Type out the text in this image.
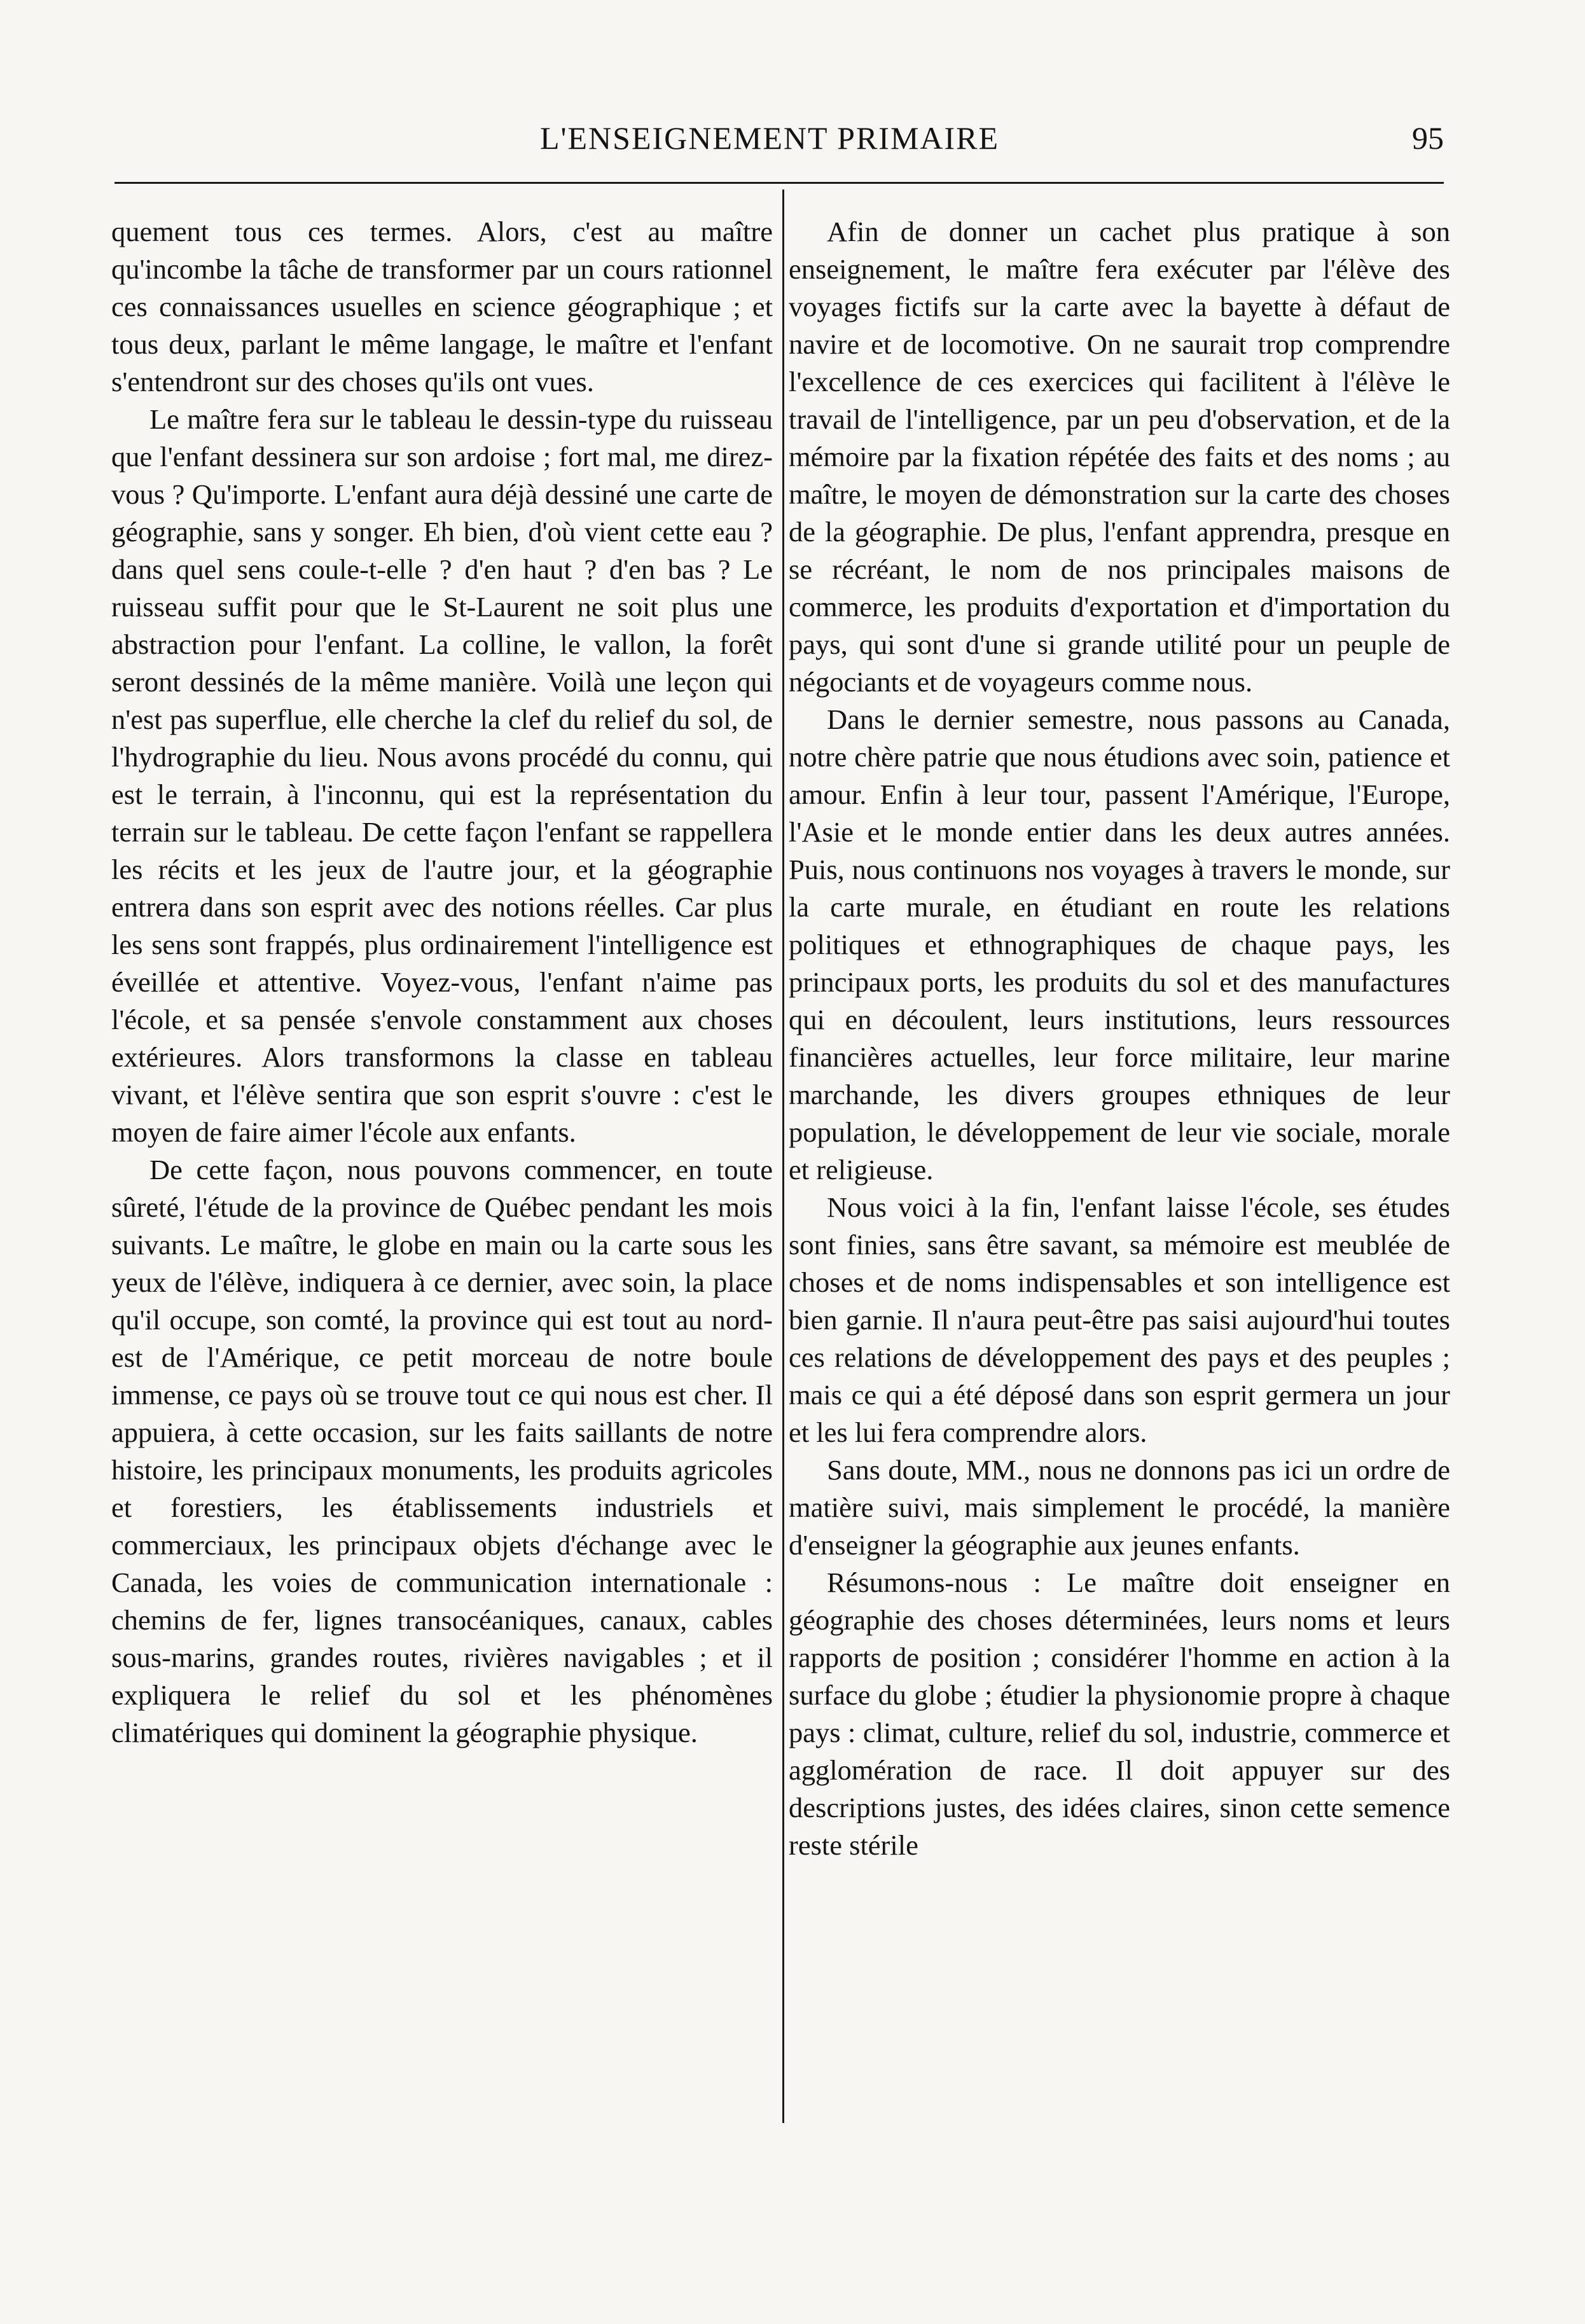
L'ENSEIGNEMENT PRIMAIRE	95

quement tous ces termes. Alors, c'est au maître qu'incombe la tâche de transformer par un cours rationnel ces connaissances usuelles en science géographique ; et tous deux, parlant le même langage, le maître et l'enfant s'entendront sur des choses qu'ils ont vues.

Le maître fera sur le tableau le dessin-type du ruisseau que l'enfant dessinera sur son ardoise ; fort mal, me direz-vous ? Qu'importe. L'enfant aura déjà dessiné une carte de géographie, sans y songer. Eh bien, d'où vient cette eau ? dans quel sens coule-t-elle ? d'en haut ? d'en bas ? Le ruisseau suffit pour que le St-Laurent ne soit plus une abstraction pour l'enfant. La colline, le vallon, la forêt seront dessinés de la même manière. Voilà une leçon qui n'est pas superflue, elle cherche la clef du relief du sol, de l'hydrographie du lieu. Nous avons procédé du connu, qui est le terrain, à l'inconnu, qui est la représentation du terrain sur le tableau. De cette façon l'enfant se rappellera les récits et les jeux de l'autre jour, et la géographie entrera dans son esprit avec des notions réelles. Car plus les sens sont frappés, plus ordinairement l'intelligence est éveillée et attentive. Voyez-vous, l'enfant n'aime pas l'école, et sa pensée s'envole constamment aux choses extérieures. Alors transformons la classe en tableau vivant, et l'élève sentira que son esprit s'ouvre : c'est le moyen de faire aimer l'école aux enfants.

De cette façon, nous pouvons commencer, en toute sûreté, l'étude de la province de Québec pendant les mois suivants. Le maître, le globe en main ou la carte sous les yeux de l'élève, indiquera à ce dernier, avec soin, la place qu'il occupe, son comté, la province qui est tout au nord-est de l'Amérique, ce petit morceau de notre boule immense, ce pays où se trouve tout ce qui nous est cher. Il appuiera, à cette occasion, sur les faits saillants de notre histoire, les principaux monuments, les produits agricoles et forestiers, les établissements industriels et commerciaux, les principaux objets d'échange avec le Canada, les voies de communication internationale : chemins de fer, lignes transocéaniques, canaux, cables sous-marins, grandes routes, rivières navigables ; et il expliquera le relief du sol et les phénomènes climatériques qui dominent la géographie physique.

Afin de donner un cachet plus pratique à son enseignement, le maître fera exécuter par l'élève des voyages fictifs sur la carte avec la bayette à défaut de navire et de locomotive. On ne saurait trop comprendre l'excellence de ces exercices qui facilitent à l'élève le travail de l'intelligence, par un peu d'observation, et de la mémoire par la fixation répétée des faits et des noms ; au maître, le moyen de démonstration sur la carte des choses de la géographie. De plus, l'enfant apprendra, presque en se récréant, le nom de nos principales maisons de commerce, les produits d'exportation et d'importation du pays, qui sont d'une si grande utilité pour un peuple de négociants et de voyageurs comme nous.

Dans le dernier semestre, nous passons au Canada, notre chère patrie que nous étudions avec soin, patience et amour. Enfin à leur tour, passent l'Amérique, l'Europe, l'Asie et le monde entier dans les deux autres années. Puis, nous continuons nos voyages à travers le monde, sur la carte murale, en étudiant en route les relations politiques et ethnographiques de chaque pays, les principaux ports, les produits du sol et des manufactures qui en découlent, leurs institutions, leurs ressources financières actuelles, leur force militaire, leur marine marchande, les divers groupes ethniques de leur population, le développement de leur vie sociale, morale et religieuse.

Nous voici à la fin, l'enfant laisse l'école, ses études sont finies, sans être savant, sa mémoire est meublée de choses et de noms indispensables et son intelligence est bien garnie. Il n'aura peut-être pas saisi aujourd'hui toutes ces relations de développement des pays et des peuples ; mais ce qui a été déposé dans son esprit germera un jour et les lui fera comprendre alors.

Sans doute, MM., nous ne donnons pas ici un ordre de matière suivi, mais simplement le procédé, la manière d'enseigner la géographie aux jeunes enfants.

Résumons-nous : Le maître doit enseigner en géographie des choses déterminées, leurs noms et leurs rapports de position ; considérer l'homme en action à la surface du globe ; étudier la physionomie propre à chaque pays : climat, culture, relief du sol, industrie, commerce et agglomération de race. Il doit appuyer sur des descriptions justes, des idées claires, sinon cette semence reste stérile
